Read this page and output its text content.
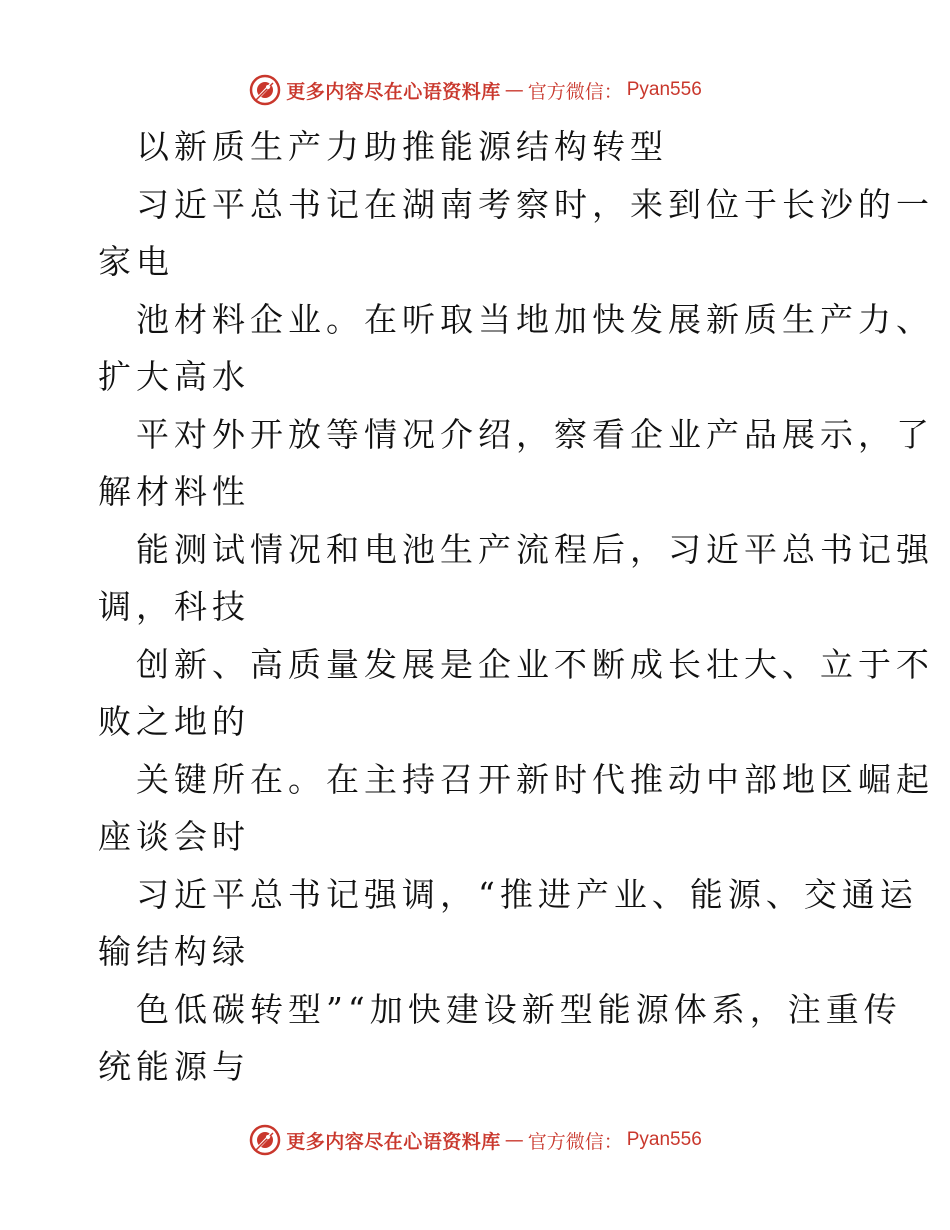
更多内容尽在心语资料库 — 官方微信： Pyan556
以新质生产力助推能源结构转型
习近平总书记在湖南考察时，来到位于长沙的一
家电
池材料企业。在听取当地加快发展新质生产力、
扩大高水
平对外开放等情况介绍，察看企业产品展示，了
解材料性
能测试情况和电池生产流程后，习近平总书记强
调，科技
创新、高质量发展是企业不断成长壮大、立于不
败之地的
关键所在。在主持召开新时代推动中部地区崛起
座谈会时
习近平总书记强调，“推进产业、能源、交通运
输结构绿
色低碳转型”“加快建设新型能源体系，注重传
统能源与
更多内容尽在心语资料库 — 官方微信： Pyan556
